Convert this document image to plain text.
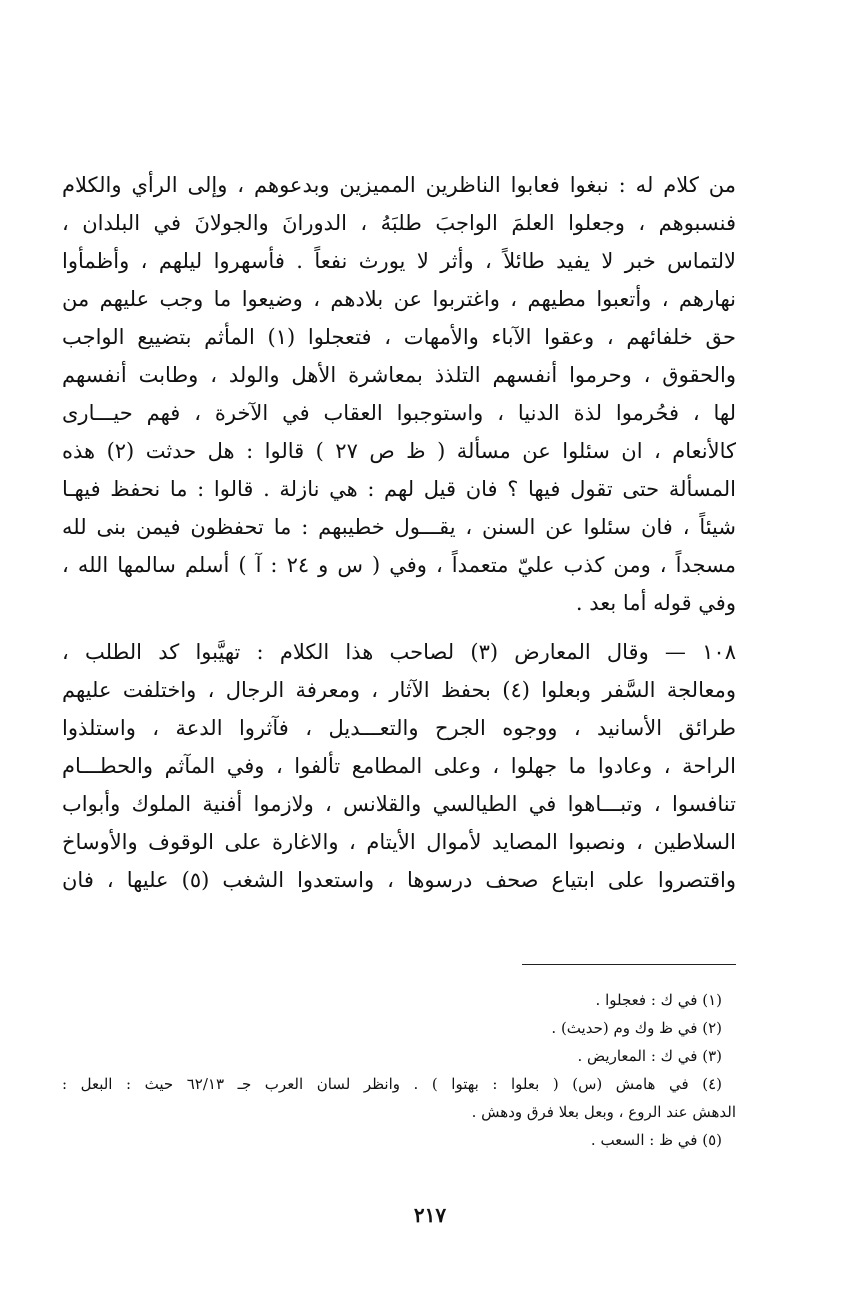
من كلام له : نبغوا فعابوا الناظرين المميزين وبدعوهم ، وإلى الرأي والكلام
فنسبوهم ، وجعلوا العلمَ الواجبَ طلبَهُ ، الدورانَ والجولانَ في البلدان ،
لالتماس خبر لا يفيد طائلاً ، وأثر لا يورث نفعاً . فأسهروا ليلهم ، وأظمأوا
نهارهم ، وأتعبوا مطيهم ، واغتربوا عن بلادهم ، وضيعوا ما وجب عليهم من
حق خلفائهم ، وعقوا الآباء والأمهات ، فتعجلوا (١) المأثم بتضييع الواجب
والحقوق ، وحرموا أنفسهم التلذذ بمعاشرة الأهل والولد ، وطابت أنفسهم
لها ، فحُرموا لذة الدنيا ، واستوجبوا العقاب في الآخرة ، فهم حيـــارى
كالأنعام ، ان سئلوا عن مسألة ( ظ ص ٢٧ ) قالوا : هل حدثت (٢) هذه
المسألة حتى تقول فيها ؟ فان قيل لهم : هي نازلة . قالوا : ما نحفظ فيهـا
شيئاً ، فان سئلوا عن السنن ، يقـــول خطيبهم : ما تحفظون فيمن بنى لله
مسجداً ، ومن كذب عليّ متعمداً ، وفي ( س و ٢٤ : آ ) أسلم سالمها الله ،
وفي قوله أما بعد .
١٠٨ — وقال المعارض (٣) لصاحب هذا الكلام : تهيَّبوا كد الطلب ،
ومعالجة السَّفر وبعلوا (٤) بحفظ الآثار ، ومعرفة الرجال ، واختلفت عليهم
طرائق الأسانيد ، ووجوه الجرح والتعـــديل ، فآثروا الدعة ، واستلذوا
الراحة ، وعادوا ما جهلوا ، وعلى المطامع تألفوا ، وفي المآثم والحطـــام
تنافسوا ، وتبـــاهوا في الطيالسي والقلانس ، ولازموا أفنية الملوك وأبواب
السلاطين ، ونصبوا المصايد لأموال الأيتام ، والاغارة على الوقوف والأوساخ
واقتصروا على ابتياع صحف درسوها ، واستعدوا الشغب (٥) عليها ، فان
(١) في ك : فعجلوا .
(٢) في ظ وك وم (حديث) .
(٣) في ك : المعاريض .
(٤) في هامش (س) ( بعلوا : بهتوا ) . وانظر لسان العرب جـ ٦٢/١٣ حيث : البعل :
الدهش عند الروع ، وبعل بعلا فرق ودهش .
(٥) في ظ : السعب .
٢١٧
